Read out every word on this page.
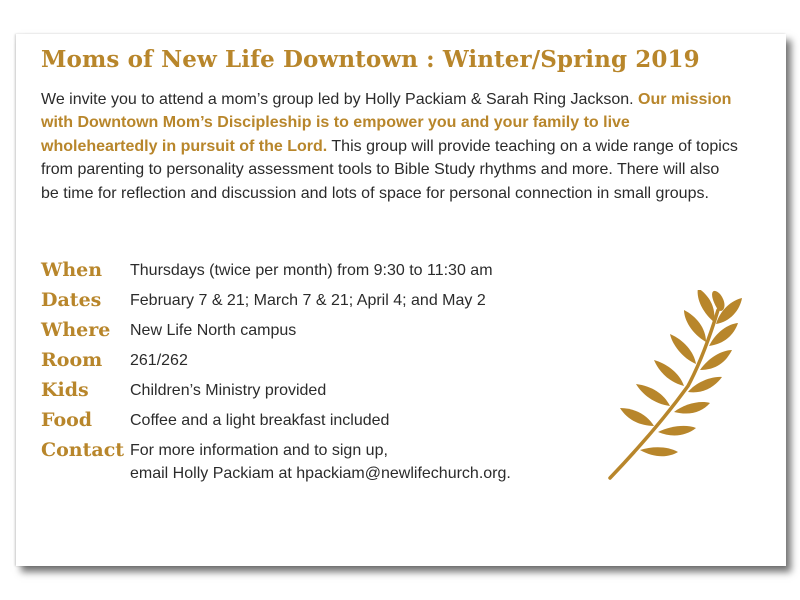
Moms of New Life Downtown : Winter/Spring 2019

We invite you to attend a mom’s group led by Holly Packiam & Sarah Ring Jackson. Our mission with Downtown Mom’s Discipleship is to empower you and your family to live wholeheartedly in pursuit of the Lord. This group will provide teaching on a wide range of topics from parenting to personality assessment tools to Bible Study rhythms and more. There will also be time for reflection and discussion and lots of space for personal connection in small groups.

When Thursdays (twice per month) from 9:30 to 11:30 am
Dates February 7 & 21; March 7 & 21; April 4; and May 2
Where New Life North campus
Room 261/262
Kids	Children’s Ministry provided
Food Coffee and a light breakfast included
Contact For more information and to sign up,
email Holly Packiam at hpackiam@newlifechurch.org.
